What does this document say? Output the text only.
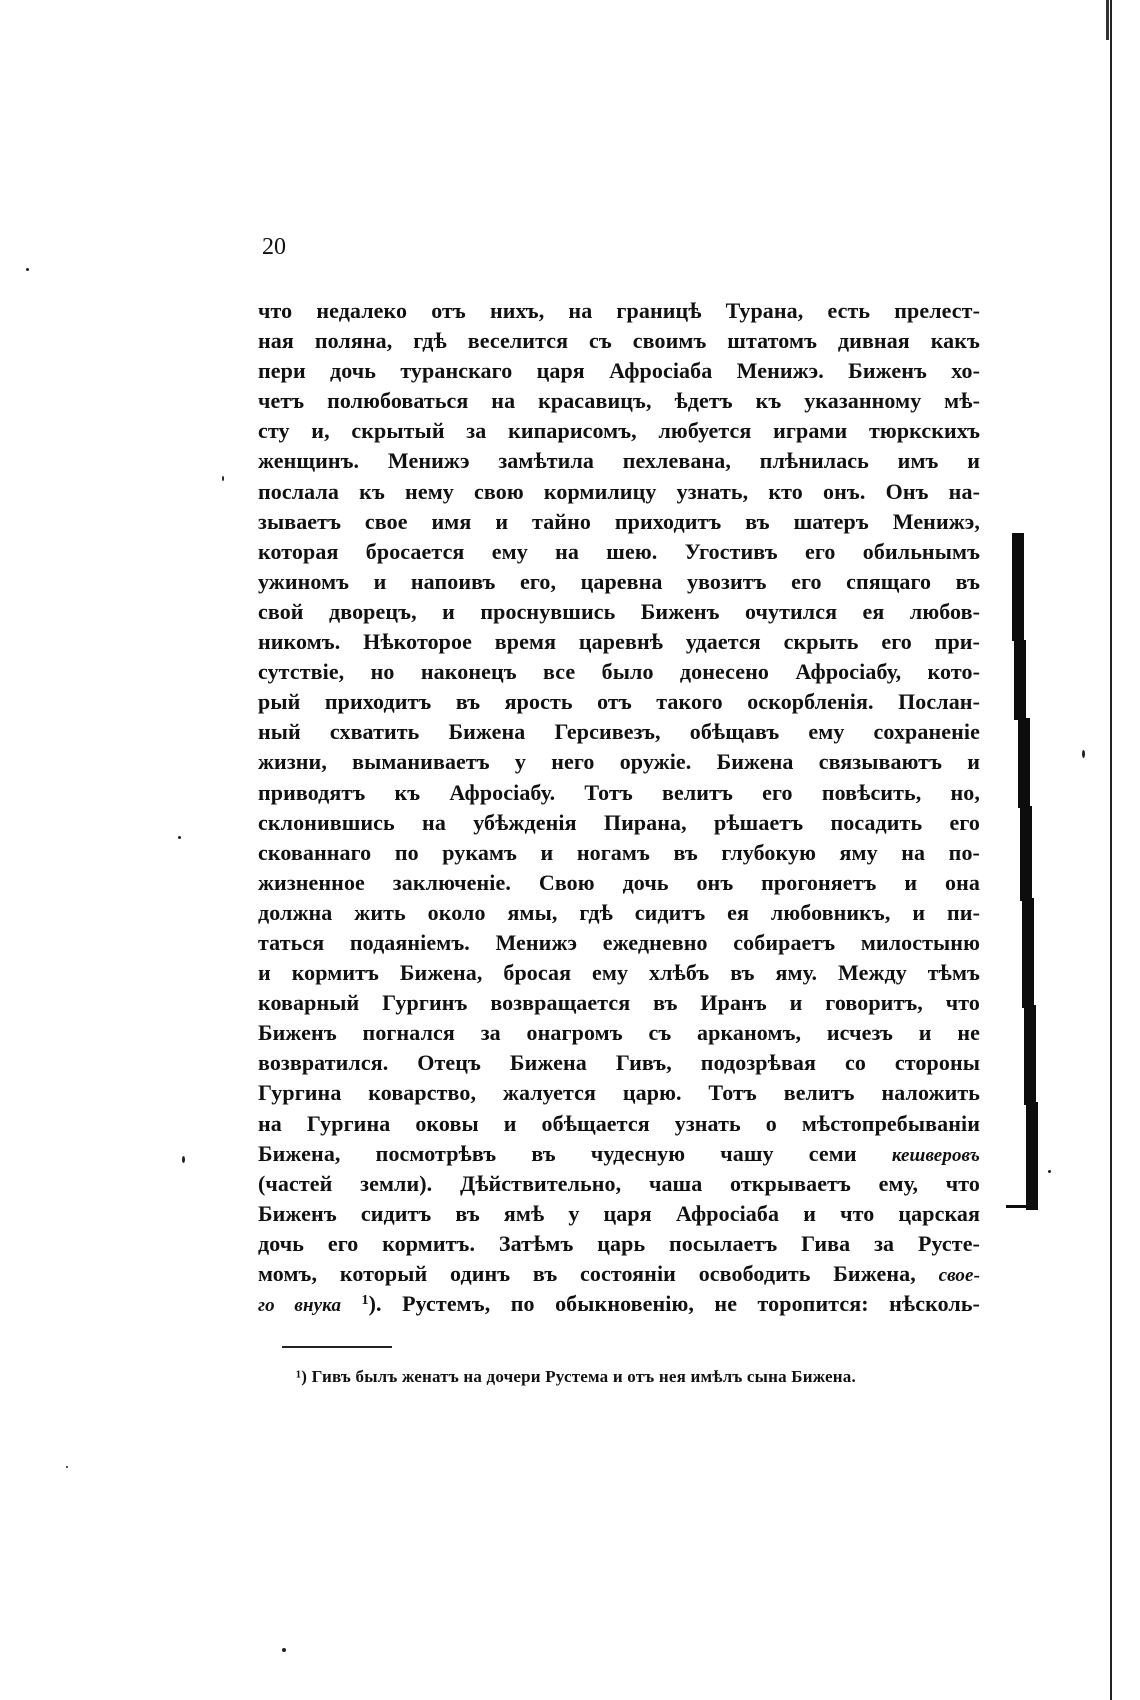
20
что недалеко отъ нихъ, на границѣ Турана, есть прелест-
ная поляна, гдѣ веселится съ своимъ штатомъ дивная какъ
пери дочь туранскаго царя Афросіаба Менижэ. Биженъ хо-
четъ полюбоваться на красавицъ, ѣдетъ къ указанному мѣ-
сту и, скрытый за кипарисомъ, любуется играми тюркскихъ
женщинъ. Менижэ замѣтила пехлевана, плѣнилась имъ и
послала къ нему свою кормилицу узнать, кто онъ. Онъ на-
зываетъ свое имя и тайно приходитъ въ шатеръ Менижэ,
которая бросается ему на шею. Угостивъ его обильнымъ
ужиномъ и напоивъ его, царевна увозитъ его спящаго въ
свой дворецъ, и проснувшись Биженъ очутился ея любов-
никомъ. Нѣкоторое время царевнѣ удается скрыть его при-
сутствіе, но наконецъ все было донесено Афросіабу, кото-
рый приходитъ въ ярость отъ такого оскорбленія. Послан-
ный схватить Бижена Герсивезъ, обѣщавъ ему сохраненіе
жизни, выманиваетъ у него оружіе. Бижена связываютъ и
приводятъ къ Афросіабу. Тотъ велитъ его повѣсить, но,
склонившись на убѣжденія Пирана, рѣшаетъ посадить его
скованнаго по рукамъ и ногамъ въ глубокую яму на по-
жизненное заключеніе. Свою дочь онъ прогоняетъ и она
должна жить около ямы, гдѣ сидитъ ея любовникъ, и пи-
таться подаяніемъ. Менижэ ежедневно собираетъ милостыню
и кормитъ Бижена, бросая ему хлѣбъ въ яму. Между тѣмъ
коварный Гургинъ возвращается въ Иранъ и говоритъ, что
Биженъ погнался за онагромъ съ арканомъ, исчезъ и не
возвратился. Отецъ Бижена Гивъ, подозрѣвая со стороны
Гургина коварство, жалуется царю. Тотъ велитъ наложить
на Гургина оковы и обѣщается узнать о мѣстопребываніи
Бижена, посмотрѣвъ въ чудесную чашу семи кешверовъ
(частей земли). Дѣйствительно, чаша открываетъ ему, что
Биженъ сидитъ въ ямѣ у царя Афросіаба и что царская
дочь его кормитъ. Затѣмъ царь посылаетъ Гива за Русте-
момъ, который одинъ въ состояніи освободить Бижена, свое-
го внука $^1$). Рустемъ, по обыкновенію, не торопится: нѣсколь-
¹) Гивъ былъ женатъ на дочери Рустема и отъ нея имѣлъ сына Бижена.
